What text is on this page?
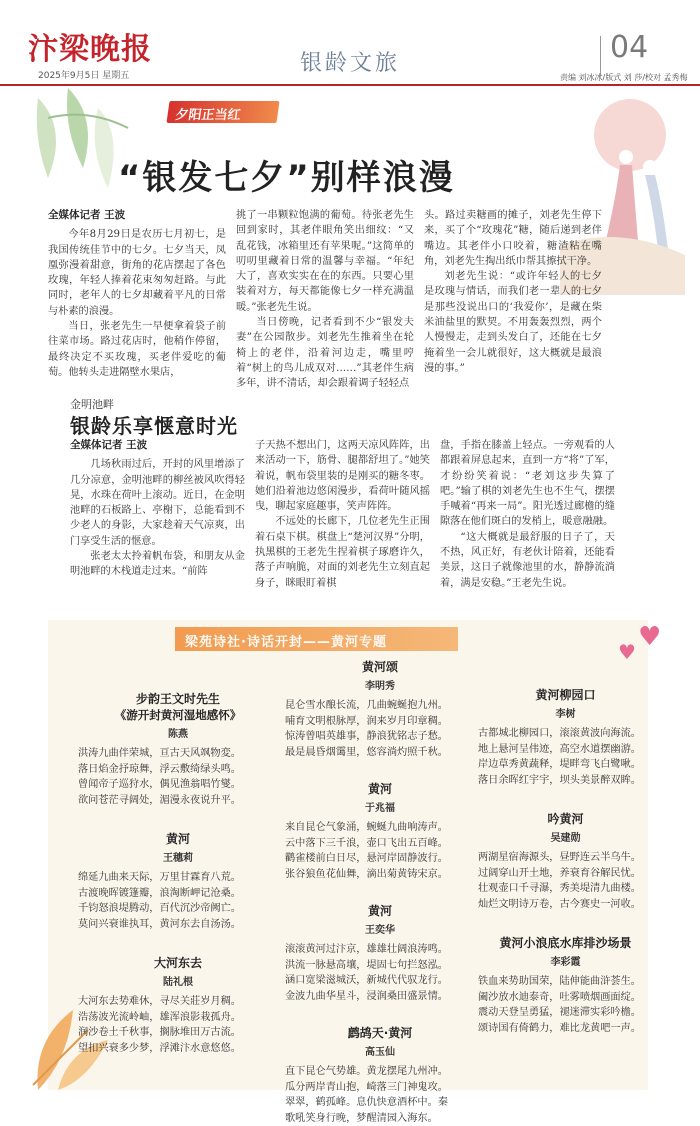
汴梁晚报
2025年9月5日 星期五	银龄文旅	04
责编 刘冰冰/版式 刘 莎/校对 孟秀梅
夕阳正当红
“银发七夕”别样浪漫
全媒体记者 王波

今年8月29日是农历七月初七，是我国传统佳节中的七夕。七夕当天，凤凰弥漫着甜意，街角的花店摆起了各色玫瑰，年轻人捧着花束匆匆赶路。与此同时，老年人的七夕却藏着平凡的日常与朴素的浪漫。

当日，张老先生一早便拿着袋子前往菜市场。路过花店时，他稍作停留，最终决定不买玫瑰，买老伴爱吃的葡萄。他转头走进隔壁水果店，

挑了一串颗粒饱满的葡萄。待张老先生回到家时，其老伴眼角笑出细纹：“又乱花钱，冰箱里还有苹果呢。”这简单的叨叨里藏着日常的温馨与幸福。“年纪大了，喜欢实实在在的东西。只要心里装着对方，每天都能像七夕一样充满温暖。”张老先生说。

当日傍晚，记者看到不少“银发夫妻”在公园散步。刘老先生推着坐在轮椅上的老伴，沿着河边走，嘴里哼着“树上的鸟儿成双对……”其老伴生病多年，讲不清话，却会跟着调子轻轻点

头。路过卖糖画的摊子，刘老先生停下来，买了个“玫瑰花”糖，随后递到老伴嘴边。其老伴小口咬着，糖渣粘在嘴角，刘老先生掏出纸巾帮其擦拭干净。

刘老先生说：“或许年轻人的七夕是玫瑰与情话，而我们老一辈人的七夕是那些没说出口的‘我爱你’，是藏在柴米油盐里的默契。不用轰轰烈烈，两个人慢慢走，走到头发白了，还能在七夕掩着坐一会儿就很好，这大概就是最浪漫的事。”

金明池畔
银龄乐享惬意时光
全媒体记者 王波

几场秋雨过后，开封的风里增添了几分凉意，金明池畔的柳丝被风吹得轻晃，水珠在荷叶上滚动。近日，在金明池畔的石板路上、亭榭下，总能看到不少老人的身影，大家趁着天气凉爽，出门享受生活的惬意。

张老太太拎着帆布袋，和朋友从金明池畔的木栈道走过来。“前阵

子天热不想出门，这两天凉风阵阵，出来活动一下，筋骨、腿都舒坦了。”她笑着说，帆布袋里装的是刚买的糖冬枣。她们沿着池边悠闲漫步，看荷叶随风摇曳，聊起家庭趣事，笑声阵阵。

不远处的长廊下，几位老先生正围着石桌下棋。棋盘上“楚河汉界”分明，执黑棋的王老先生捏着棋子琢磨许久，落子声响脆，对面的刘老先生立刻直起身子，眯眼盯着棋

盘，手指在膝盖上轻点。一旁观看的人都跟着屏息起来，直到一方“将”了军，才纷纷笑着说：“老刘这步失算了吧。”输了棋的刘老先生也不生气，摆摆手喊着“再来一局”。阳光透过廊檐的缝隙落在他们斑白的发梢上，暖意融融。

“这大概就是最舒服的日子了，天不热，风正好，有老伙计陪着，还能看美景，这日子就像池里的水，静静流淌着，满是安稳。”王老先生说。

梁苑诗社·诗话开封——黄河专题	♥ ♥
步韵王文时先生
《游开封黄河湿地感怀》
陈燕
洪涛九曲伴荣城，亘古天风飒物変。
落日焰金抒琼舞，浮云敷绮绿头鸣。
曾闻帝子巡狩水，偶见渔翁唱竹燮。
欲问苍茫寻阔处，湄漫永夜说升平。
黄河
王穗莉
绵延九曲来天际，万里甘霖育八荒。
古渡晚晖镀篷瓣，浪淘断岬记沧桑。
千钧怒浪堤腾动，百代沉沙帝阙亡。
莫问兴衰谁执耳，黄河东去自汤汤。
大河东去
陆礼根
大河东去势难休，寻尽关莊岁月稠。
浩荡波光流岭岫，雄浑浪影栽孤舟。
润沙卷土千秋事，搁脉堆田万古流。
望扣兴衰多少梦，浮滩汴水意悠悠。
黄河颂
李明秀
昆仑雪水酿长流，几曲蜿蜒抱九州。
哺育文明根脉厚，润来岁月印章稠。
惊涛曾唱英雄事，静浪犹铭志子愁。
最是晨昏烟霭里，悠容淌灼照千秋。
黄河
于兆福
来自昆仑气象涌，蜿蜒九曲响涛声。
云中落下三千浪，壶口飞出五百峰。
鹳雀楼前白日尽，悬河岸固静波行。
张谷狼鱼花仙舞，滴出菊黄铸宋京。
黄河
王奕华
滚滚黄河过汴京，雄雄壮阔浪涛鸣。
洪流一脉悬高壤，堤固七句拦怒泓。
涵口宽梁滋城沃，新城代代驭龙行。
金波九曲华星斗，浸润桑田盛景情。
鹧鸪天·黄河
高玉仙
直下昆仑气势雄。黄龙摆尾九州冲。
瓜分两岸青山抱，崎落三门神鬼攻。
翠翠，鹤孤峰。息仇快意酒杯中。秦
歌吼笑身行晚，梦醒清园入海东。
黄河柳园口
李树
古都城北柳园口，滚滚黄波向海流。
地上悬河呈伟迹，高空水道摆幽游。
岸边草秀黄蔬释，堤畔弯飞白鹭啾。
落日余晖红宇宇，坝头美景醉双眸。
吟黄河
吴建勋
两湖星宿海源头，昼野连云半乌牛。
过阔穿山开土地，养衰育谷解民忧。
壮观壶口千寻瀑，秀美堤清九曲楼。
灿烂文明诗万卷，古今赛史一河收。
黄河小浪底水库排沙场景
李彩霞
铁血来势助国荣，陆伸能曲浒荟生。
阖沙放水迪泰奇，吐雾喷烟画面绽。
震动天登呈勇猛，褪迷滞实彩吟檐。
颂诗国有倚鹤力，难比龙黄吧一声。
